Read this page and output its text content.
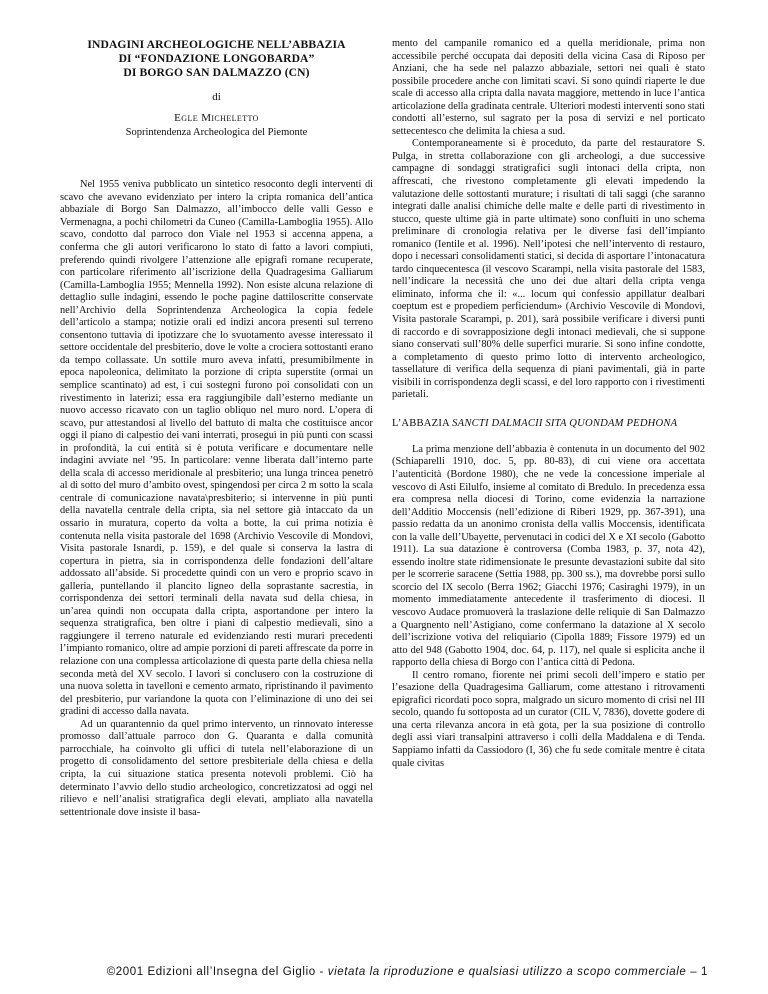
INDAGINI ARCHEOLOGICHE NELL’ABBAZIA
DI “FONDAZIONE LONGOBARDA”
DI BORGO SAN DALMAZZO (CN)
di
Egle Micheletto
Soprintendenza Archeologica del Piemonte

Nel 1955 veniva pubblicato un sintetico resoconto degli interventi di scavo che avevano evidenziato per intero la cripta romanica dell’antica abbaziale di Borgo San Dalmazzo, all’imbocco delle valli Gesso e Vermenagna, a pochi chilometri da Cuneo (Camilla-Lamboglia 1955). Allo scavo, condotto dal parroco don Viale nel 1953 si accenna appena, a conferma che gli autori verificarono lo stato di fatto a lavori compiuti, preferendo quindi rivolgere l’attenzione alle epigrafi romane recuperate, con particolare riferimento all’iscrizione della Quadragesima Galliarum (Camilla-Lamboglia 1955; Mennella 1992). Non esiste alcuna relazione di dettaglio sulle indagini, essendo le poche pagine dattiloscritte conservate nell’Archivio della Soprintendenza Archeologica la copia fedele dell’articolo a stampa; notizie orali ed indizi ancora presenti sul terreno consentono tuttavia di ipotizzare che lo svuotamento avesse interessato il settore occidentale del presbiterio, dove le volte a crociera sottostanti erano da tempo collassate. Un sottile muro aveva infatti, presumibilmente in epoca napoleonica, delimitato la porzione di cripta superstite (ormai un semplice scantinato) ad est, i cui sostegni furono poi consolidati con un rivestimento in laterizi; essa era raggiungibile dall’esterno mediante un nuovo accesso ricavato con un taglio obliquo nel muro nord. L’opera di scavo, pur attestandosi al livello del battuto di malta che costituisce ancor oggi il piano di calpestio dei vani interrati, proseguì in più punti con scassi in profondità, la cui entità si è potuta verificare e documentare nelle indagini avviate nel ’95. In particolare: venne liberata dall’interno parte della scala di accesso meridionale al presbiterio; una lunga trincea penetrò al di sotto del muro d’ambito ovest, spingendosi per circa 2 m sotto la scala centrale di comunicazione navata\presbiterio; si intervenne in più punti della navatella centrale della cripta, sia nel settore già intaccato da un ossario in muratura, coperto da volta a botte, la cui prima notizia è contenuta nella visita pastorale del 1698 (Archivio Vescovile di Mondovì, Visita pastorale Isnardi, p. 159), e del quale si conserva la lastra di copertura in pietra, sia in corrispondenza delle fondazioni dell’altare addossato all’abside. Si procedette quindi con un vero e proprio scavo in galleria, puntellando il plancito ligneo della soprastante sacrestia, in corrispondenza dei settori terminali della navata sud della chiesa, in un’area quindi non occupata dalla cripta, asportandone per intero la sequenza stratigrafica, ben oltre i piani di calpestio medievali, sino a raggiungere il terreno naturale ed evidenziando resti murari precedenti l’impianto romanico, oltre ad ampie porzioni di pareti affrescate da porre in relazione con una complessa articolazione di questa parte della chiesa nella seconda metà del XV secolo. I lavori si conclusero con la costruzione di una nuova soletta in tavelloni e cemento armato, ripristinando il pavimento del presbiterio, pur variandone la quota con l’eliminazione di uno dei sei gradini di accesso dalla navata.

Ad un quarantennio da quel primo intervento, un rinnovato interesse promosso dall’attuale parroco don G. Quaranta e dalla comunità parrocchiale, ha coinvolto gli uffici di tutela nell’elaborazione di un progetto di consolidamento del settore presbiteriale della chiesa e della cripta, la cui situazione statica presenta notevoli problemi. Ciò ha determinato l’avvio dello studio archeologico, concretizzatosi ad oggi nel rilievo e nell’analisi stratigrafica degli elevati, ampliato alla navatella settentrionale dove insiste il basa-

mento del campanile romanico ed a quella meridionale, prima non accessibile perché occupata dai depositi della vicina Casa di Riposo per Anziani, che ha sede nel palazzo abbaziale, settori nei quali è stato possibile procedere anche con limitati scavi. Si sono quindi riaperte le due scale di accesso alla cripta dalla navata maggiore, mettendo in luce l’antica articolazione della gradinata centrale. Ulteriori modesti interventi sono stati condotti all’esterno, sul sagrato per la posa di servizi e nel porticato settecentesco che delimita la chiesa a sud.

Contemporaneamente si è proceduto, da parte del restauratore S. Pulga, in stretta collaborazione con gli archeologi, a due successive campagne di sondaggi stratigrafici sugli intonaci della cripta, non affrescati, che rivestono completamente gli elevati impedendo la valutazione delle sottostanti murature; i risultati di tali saggi (che saranno integrati dalle analisi chimiche delle malte e delle parti di rivestimento in stucco, queste ultime già in parte ultimate) sono confluiti in uno schema preliminare di cronologia relativa per le diverse fasi dell’impianto romanico (Ientile et al. 1996). Nell’ipotesi che nell’intervento di restauro, dopo i necessari consolidamenti statici, si decida di asportare l’intonacatura tardo cinquecentesca (il vescovo Scarampi, nella visita pastorale del 1583, nell’indicare la necessità che uno dei due altari della cripta venga eliminato, informa che il: «... locum qui confessio appillatur dealbari coeptum est e propediem perficiendum» (Archivio Vescovile di Mondovì, Visita pastorale Scarampi, p. 201), sarà possibile verificare i diversi punti di raccordo e di sovrapposizione degli intonaci medievali, che si suppone siano conservati sull’80% delle superfici murarie. Si sono infine condotte, a completamento di questo primo lotto di intervento archeologico, tassellature di verifica della sequenza di piani pavimentali, già in parte visibili in corrispondenza degli scassi, e del loro rapporto con i rivestimenti parietali.

L’ABBAZIA SANCTI DALMACII SITA QUONDAM PEDHONA

La prima menzione dell’abbazia è contenuta in un documento del 902 (Schiaparelli 1910, doc. 5, pp. 80-83), di cui viene ora accettata l’autenticità (Bordone 1980), che ne vede la concessione imperiale al vescovo di Asti Eilulfo, insieme al comitato di Bredulo. In precedenza essa era compresa nella diocesi di Torino, come evidenzia la narrazione dell’Additio Moccensis (nell’edizione di Riberi 1929, pp. 367-391), una passio redatta da un anonimo cronista della vallis Moccensis, identificata con la valle dell’Ubayette, pervenutaci in codici del X e XI secolo (Gabotto 1911). La sua datazione è controversa (Comba 1983, p. 37, nota 42), essendo inoltre state ridimensionate le presunte devastazioni subite dal sito per le scorrerie saracene (Settia 1988, pp. 300 ss.), ma dovrebbe porsi sullo scorcio del IX secolo (Berra 1962; Giacchi 1976; Casiraghi 1979), in un momento immediatamente antecedente il trasferimento di diocesi. Il vescovo Audace promuoverà la traslazione delle reliquie di San Dalmazzo a Quargnento nell’Astigiano, come confermano la datazione al X secolo dell’iscrizione votiva del reliquiario (Cipolla 1889; Fissore 1979) ed un atto del 948 (Gabotto 1904, doc. 64, p. 117), nel quale si esplicita anche il rapporto della chiesa di Borgo con l’antica città di Pedona.

Il centro romano, fiorente nei primi secoli dell’impero e statio per l’esazione della Quadragesima Galliarum, come attestano i ritrovamenti epigrafici ricordati poco sopra, malgrado un sicuro momento di crisi nel III secolo, quando fu sottoposta ad un curator (CIL V, 7836), dovette godere di una certa rilevanza ancora in età gota, per la sua posizione di controllo degli assi viari transalpini attraverso i colli della Maddalena e di Tenda. Sappiamo infatti da Cassiodoro (I, 36) che fu sede comitale mentre è citata quale civitas

©2001 Edizioni all’Insegna del Giglio - vietata la riproduzione e qualsiasi utilizzo a scopo commerciale – 1
